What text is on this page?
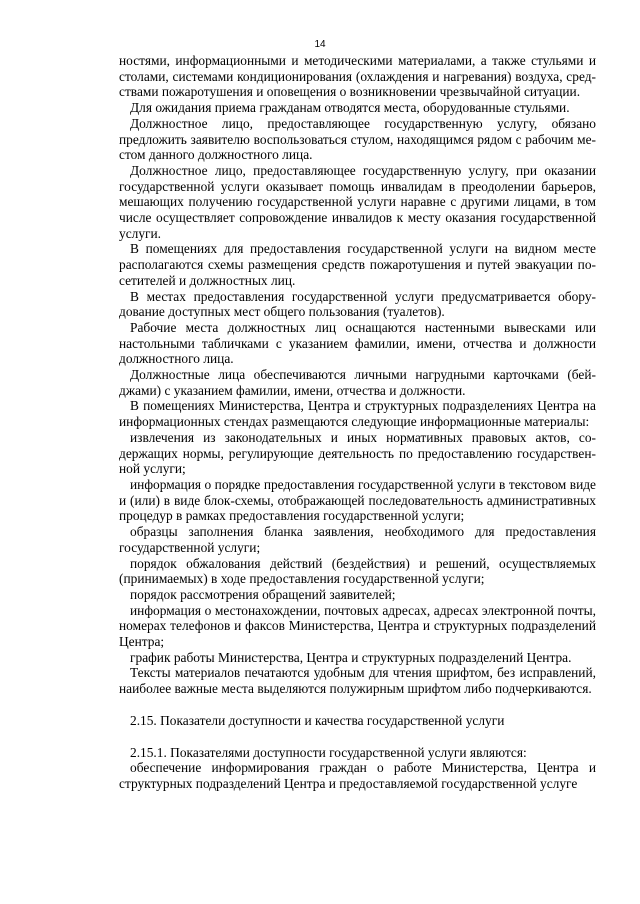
14

ностями, информационными и методическими материалами, а также стульями и столами, системами кондиционирования (охлаждения и нагревания) воздуха, средствами пожаротушения и оповещения о возникновении чрезвычайной ситуации.

Для ожидания приема гражданам отводятся места, оборудованные стульями.

Должностное лицо, предоставляющее государственную услугу, обязано предложить заявителю воспользоваться стулом, находящимся рядом с рабочим местом данного должностного лица.

Должностное лицо, предоставляющее государственную услугу, при оказании государственной услуги оказывает помощь инвалидам в преодолении барьеров, мешающих получению государственной услуги наравне с другими лицами, в том числе осуществляет сопровождение инвалидов к месту оказания государственной услуги.

В помещениях для предоставления государственной услуги на видном месте располагаются схемы размещения средств пожаротушения и путей эвакуации посетителей и должностных лиц.

В местах предоставления государственной услуги предусматривается оборудование доступных мест общего пользования (туалетов).

Рабочие места должностных лиц оснащаются настенными вывесками или настольными табличками с указанием фамилии, имени, отчества и должности должностного лица.

Должностные лица обеспечиваются личными нагрудными карточками (бейджами) с указанием фамилии, имени, отчества и должности.

В помещениях Министерства, Центра и структурных подразделениях Центра на информационных стендах размещаются следующие информационные материалы:

извлечения из законодательных и иных нормативных правовых актов, содержащих нормы, регулирующие деятельность по предоставлению государственной услуги;

информация о порядке предоставления государственной услуги в текстовом виде и (или) в виде блок-схемы, отображающей последовательность административных процедур в рамках предоставления государственной услуги;

образцы заполнения бланка заявления, необходимого для предоставления государственной услуги;

порядок обжалования действий (бездействия) и решений, осуществляемых (принимаемых) в ходе предоставления государственной услуги;

порядок рассмотрения обращений заявителей;

информация о местонахождении, почтовых адресах, адресах электронной почты, номерах телефонов и факсов Министерства, Центра и структурных подразделений Центра;

график работы Министерства, Центра и структурных подразделений Центра.

Тексты материалов печатаются удобным для чтения шрифтом, без исправлений, наиболее важные места выделяются полужирным шрифтом либо подчеркиваются.

2.15. Показатели доступности и качества государственной услуги

2.15.1. Показателями доступности государственной услуги являются:

обеспечение информирования граждан о работе Министерства, Центра и структурных подразделений Центра и предоставляемой государственной услуге
